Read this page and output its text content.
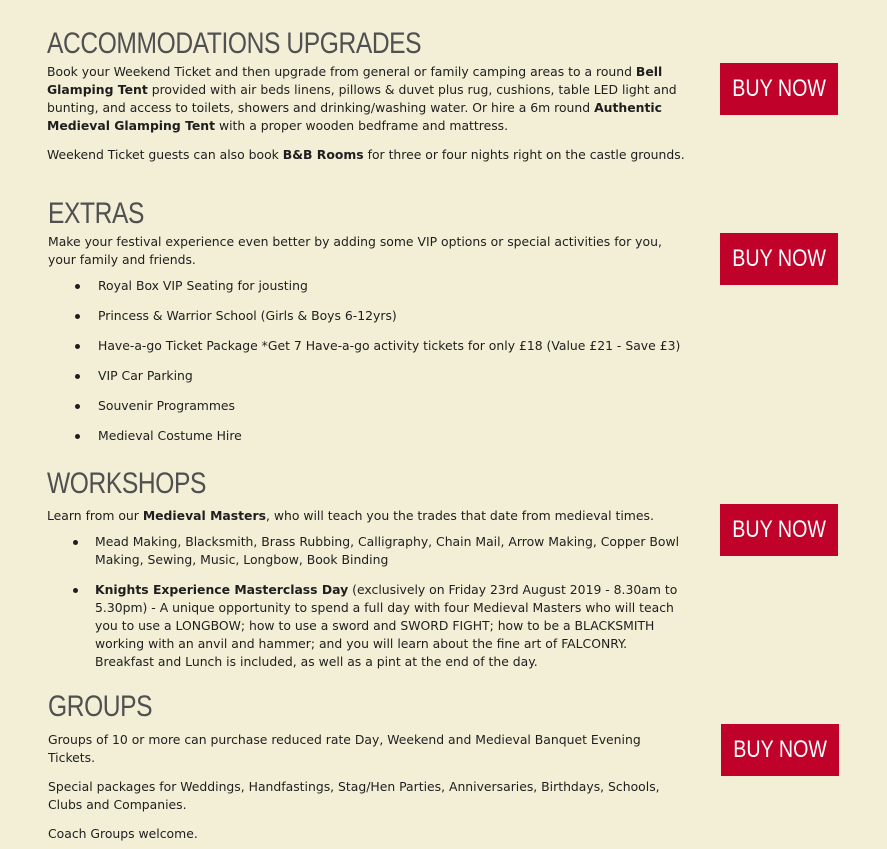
ACCOMMODATIONS UPGRADES

Book your Weekend Ticket and then upgrade from general or family camping areas to a round Bell Glamping Tent provided with air beds linens, pillows & duvet plus rug, cushions, table LED light and bunting, and access to toilets, showers and drinking/washing water. Or hire a 6m round Authentic Medieval Glamping Tent with a proper wooden bedframe and mattress.

Weekend Ticket guests can also book B&B Rooms for three or four nights right on the castle grounds.

BUY NOW
EXTRAS

Make your festival experience even better by adding some VIP options or special activities for you, your family and friends.

Royal Box VIP Seating for jousting
Princess & Warrior School (Girls & Boys 6-12yrs)
Have-a-go Ticket Package *Get 7 Have-a-go activity tickets for only £18 (Value £21 - Save £3)
VIP Car Parking
Souvenir Programmes
Medieval Costume Hire
BUY NOW
WORKSHOPS

Learn from our Medieval Masters, who will teach you the trades that date from medieval times.

Mead Making, Blacksmith, Brass Rubbing, Calligraphy, Chain Mail, Arrow Making, Copper Bowl Making, Sewing, Music, Longbow, Book Binding
Knights Experience Masterclass Day (exclusively on Friday 23rd August 2019 - 8.30am to 5.30pm) - A unique opportunity to spend a full day with four Medieval Masters who will teach you to use a LONGBOW; how to use a sword and SWORD FIGHT; how to be a BLACKSMITH working with an anvil and hammer; and you will learn about the fine art of FALCONRY. Breakfast and Lunch is included, as well as a pint at the end of the day.
BUY NOW
GROUPS

Groups of 10 or more can purchase reduced rate Day, Weekend and Medieval Banquet Evening Tickets.

Special packages for Weddings, Handfastings, Stag/Hen Parties, Anniversaries, Birthdays, Schools, Clubs and Companies.

Coach Groups welcome.

BUY NOW
